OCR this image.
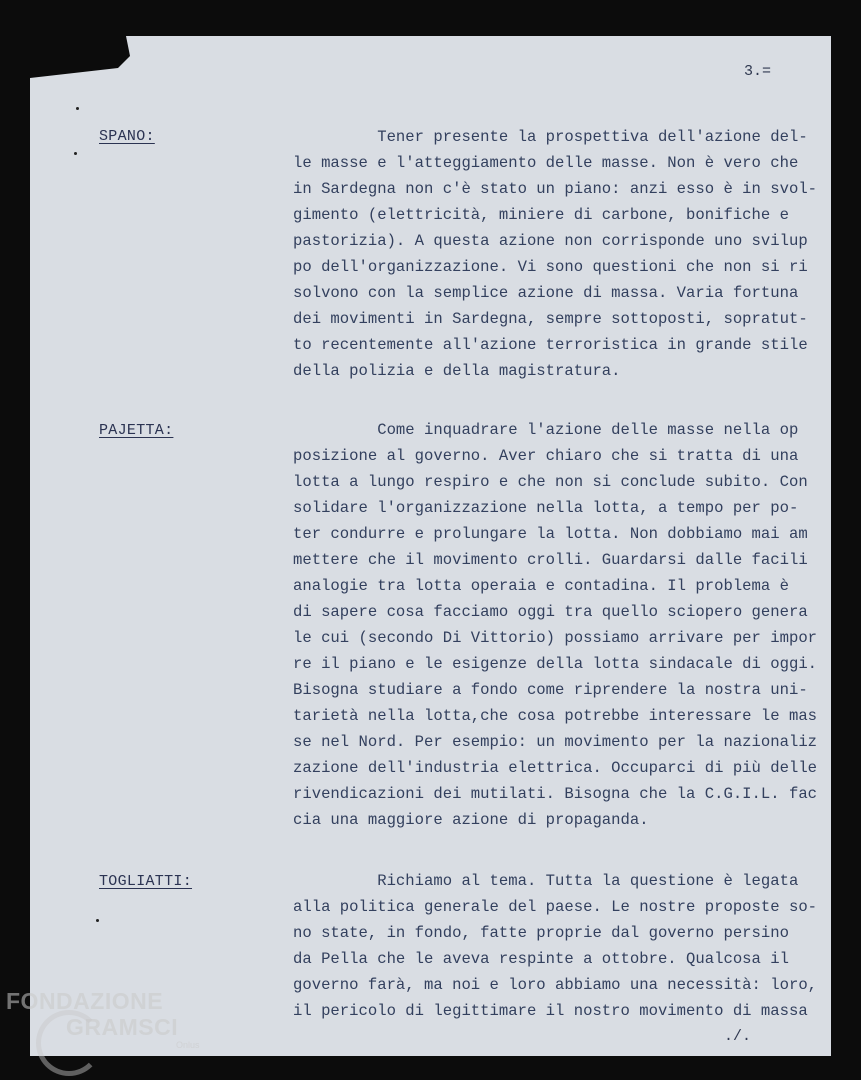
3.=
SPANO:	Tener presente la prospettiva dell'azione del-
le masse e l'atteggiamento delle masse. Non è vero che
in Sardegna non c'è stato un piano: anzi esso è in svol-
gimento (elettricità, miniere di carbone, bonifiche e
pastorizia). A questa azione non corrisponde uno svilup
po dell'organizzazione. Vi sono questioni che non si ri
solvono con la semplice azione di massa. Varia fortuna
dei movimenti in Sardegna, sempre sottoposti, sopratut-
to recentemente all'azione terroristica in grande stile
della polizia e della magistratura.
PAJETTA:	Come inquadrare l'azione delle masse nella op
posizione al governo. Aver chiaro che si tratta di una
lotta a lungo respiro e che non si conclude subito. Con
solidare l'organizzazione nella lotta, a tempo per po-
ter condurre e prolungare la lotta. Non dobbiamo mai am
mettere che il movimento crolli. Guardarsi dalle facili
analogie tra lotta operaia e contadina. Il problema è
di sapere cosa facciamo oggi tra quello sciopero genera
le cui (secondo Di Vittorio) possiamo arrivare per impor
re il piano e le esigenze della lotta sindacale di oggi.
Bisogna studiare a fondo come riprendere la nostra uni-
tarietà nella lotta,che cosa potrebbe interessare le mas
se nel Nord. Per esempio: un movimento per la nazionaliz
zazione dell'industria elettrica. Occuparci di più delle
rivendicazioni dei mutilati. Bisogna che la C.G.I.L. fac
cia una maggiore azione di propaganda.
TOGLIATTI:	Richiamo al tema. Tutta la questione è legata
alla politica generale del paese. Le nostre proposte so-
no state, in fondo, fatte proprie dal governo persino
da Pella che le aveva respinte a ottobre. Qualcosa il
governo farà, ma noi e loro abbiamo una necessità: loro,
il pericolo di legittimare il nostro movimento di massa
./.
FONDAZIONE
GRAMSCI
Onlus
